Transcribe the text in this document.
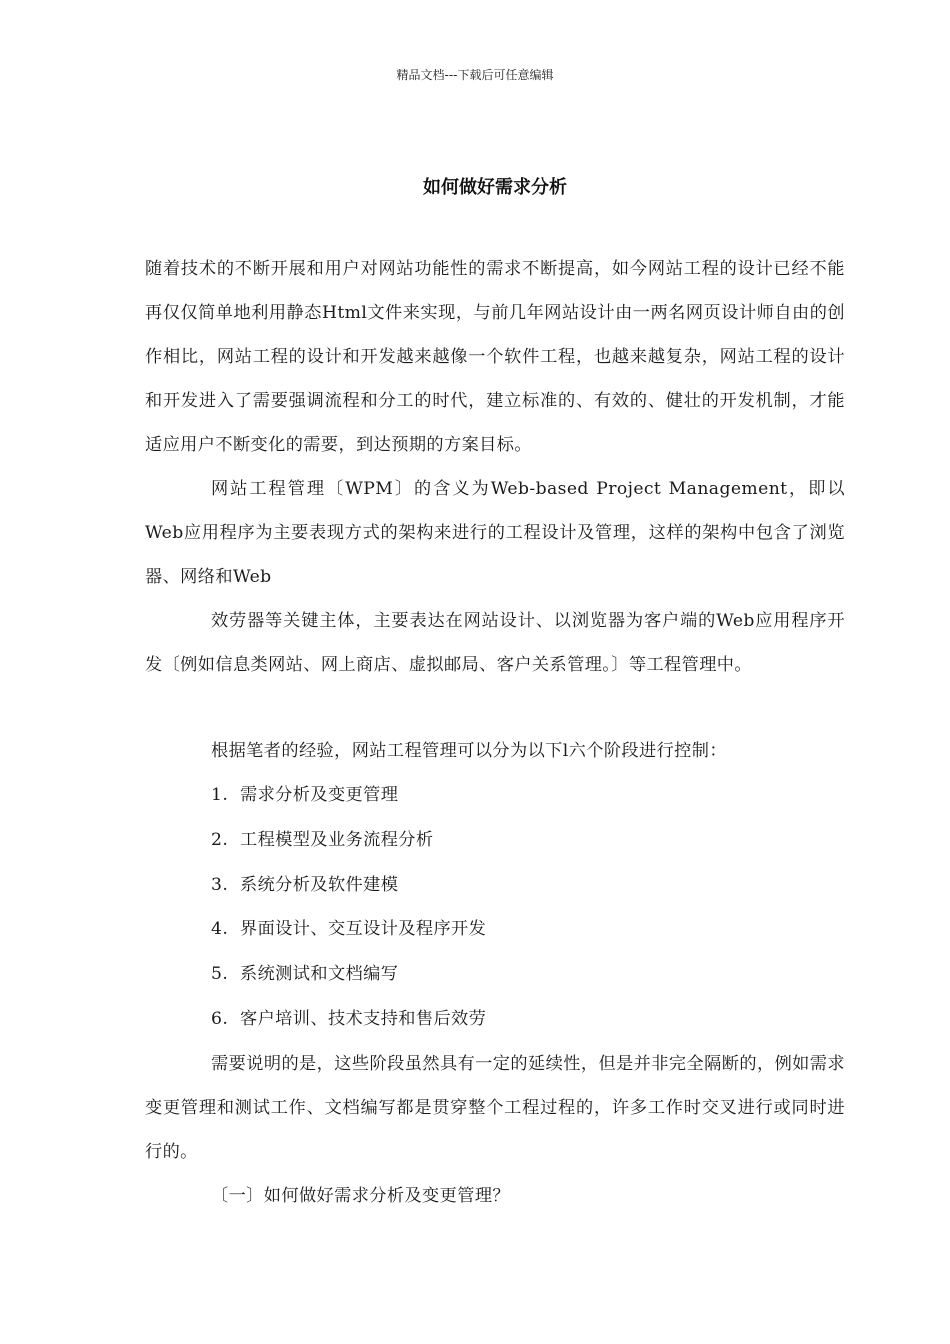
精品文档---下载后可任意编辑
如何做好需求分析

随着技术的不断开展和用户对网站功能性的需求不断提高，如今网站工程的设计已经不能再仅仅简单地利用静态Html文件来实现，与前几年网站设计由一两名网页设计师自由的创作相比，网站工程的设计和开发越来越像一个软件工程，也越来越复杂，网站工程的设计和开发进入了需要强调流程和分工的时代，建立标准的、有效的、健壮的开发机制，才能适应用户不断变化的需要，到达预期的方案目标。

网站工程管理〔WPM〕的含义为Web-based Project Management，即以Web应用程序为主要表现方式的架构来进行的工程设计及管理，这样的架构中包含了浏览器、网络和Web

效劳器等关键主体，主要表达在网站设计、以浏览器为客户端的Web应用程序开发〔例如信息类网站、网上商店、虚拟邮局、客户关系管理。〕等工程管理中。

根据笔者的经验，网站工程管理可以分为以下l六个阶段进行控制：

1. 需求分析及变更管理

2. 工程模型及业务流程分析

3. 系统分析及软件建模

4. 界面设计、交互设计及程序开发

5. 系统测试和文档编写

6. 客户培训、技术支持和售后效劳

需要说明的是，这些阶段虽然具有一定的延续性，但是并非完全隔断的，例如需求变更管理和测试工作、文档编写都是贯穿整个工程过程的，许多工作时交叉进行或同时进行的。

〔一〕如何做好需求分析及变更管理？
